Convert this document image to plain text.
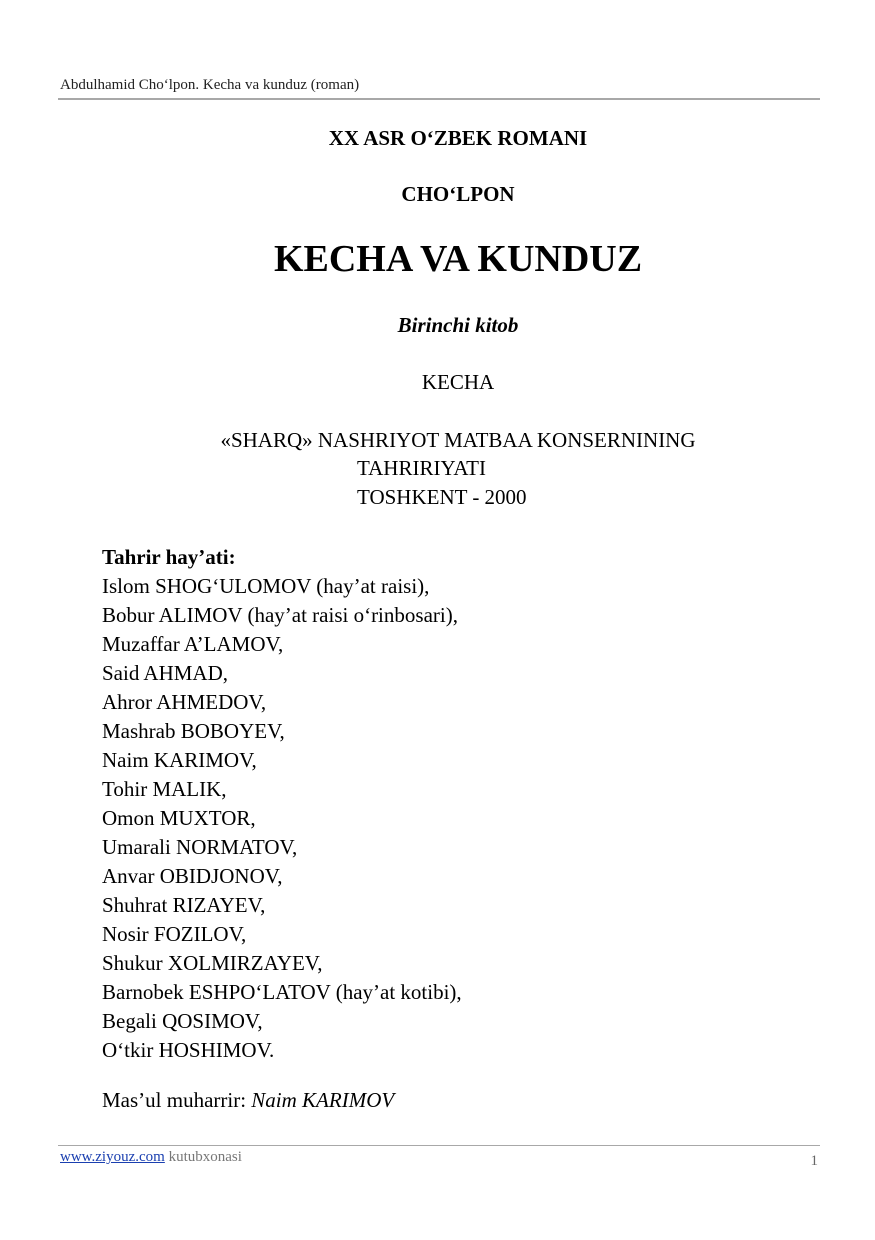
Abdulhamid Cho‘lpon. Kecha va kunduz (roman)
XX ASR O‘ZBEK ROMANI
CHO‘LPON
KECHA VA KUNDUZ
Birinchi kitob
KECHA
«SHARQ» NASHRIYOT MATBAA KONSERNINING
TAHRIRIYATI
TOSHKENT - 2000
Tahrir hay’ati:
Islom SHOG‘ULOMOV (hay’at raisi),
Bobur ALIMOV (hay’at raisi o‘rinbosari),
Muzaffar A’LAMOV,
Said AHMAD,
Ahror AHMEDOV,
Mashrab BOBOYEV,
Naim KARIMOV,
Tohir MALIK,
Omon MUXTOR,
Umarali NORMATOV,
Anvar OBIDJONOV,
Shuhrat RIZAYEV,
Nosir FOZILOV,
Shukur XOLMIRZAYEV,
Barnobek ESHPO‘LATOV (hay’at kotibi),
Begali QOSIMOV,
O‘tkir HOSHIMOV.
Mas’ul muharrir: Naim KARIMOV
www.ziyouz.com kutubxonasi	1
